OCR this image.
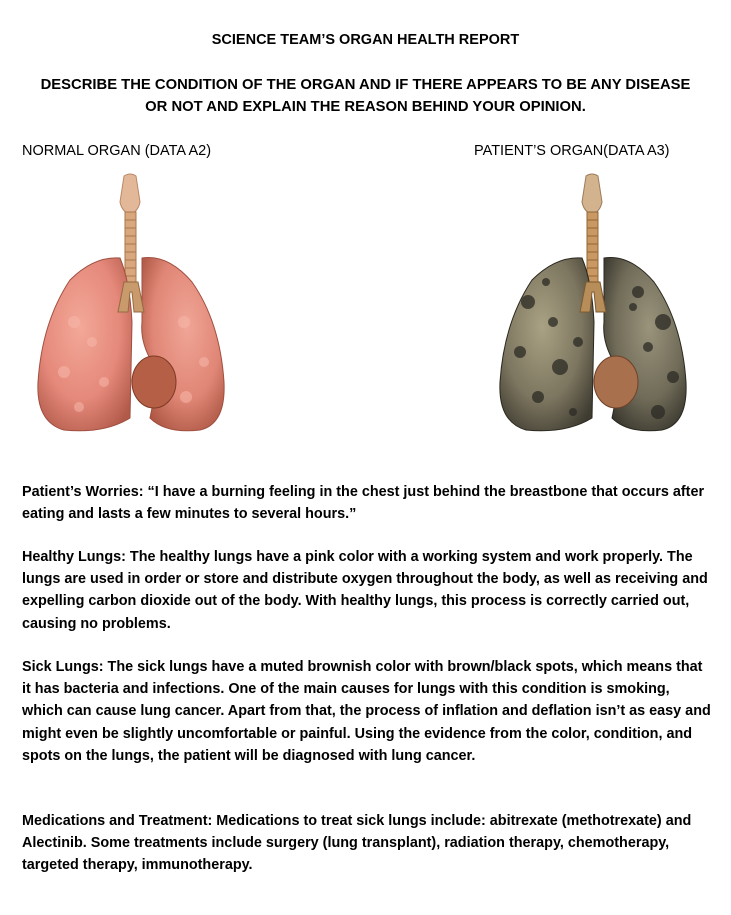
SCIENCE TEAM’S ORGAN HEALTH REPORT
DESCRIBE THE CONDITION OF THE ORGAN AND IF THERE APPEARS TO BE ANY DISEASE OR NOT AND EXPLAIN THE REASON BEHIND YOUR OPINION.
NORMAL ORGAN (DATA A2)	PATIENT’S ORGAN(DATA A3)
Patient’s Worries: “I have a burning feeling in the chest just behind the breastbone that occurs after eating and lasts a few minutes to several hours.”
Healthy Lungs: The healthy lungs have a pink color with a working system and work properly. The lungs are used in order or store and distribute oxygen throughout the body, as well as receiving and expelling carbon dioxide out of the body. With healthy lungs, this process is correctly carried out, causing no problems.
Sick Lungs: The sick lungs have a muted brownish color with brown/black spots, which means that it has bacteria and infections. One of the main causes for lungs with this condition is smoking, which can cause lung cancer. Apart from that, the process of inflation and deflation isn’t as easy and might even be slightly uncomfortable or painful. Using the evidence from the color, condition, and spots on the lungs, the patient will be diagnosed with lung cancer.
Medications and Treatment: Medications to treat sick lungs include: abitrexate (methotrexate) and Alectinib. Some treatments include surgery (lung transplant), radiation therapy, chemotherapy, targeted therapy, immunotherapy.
